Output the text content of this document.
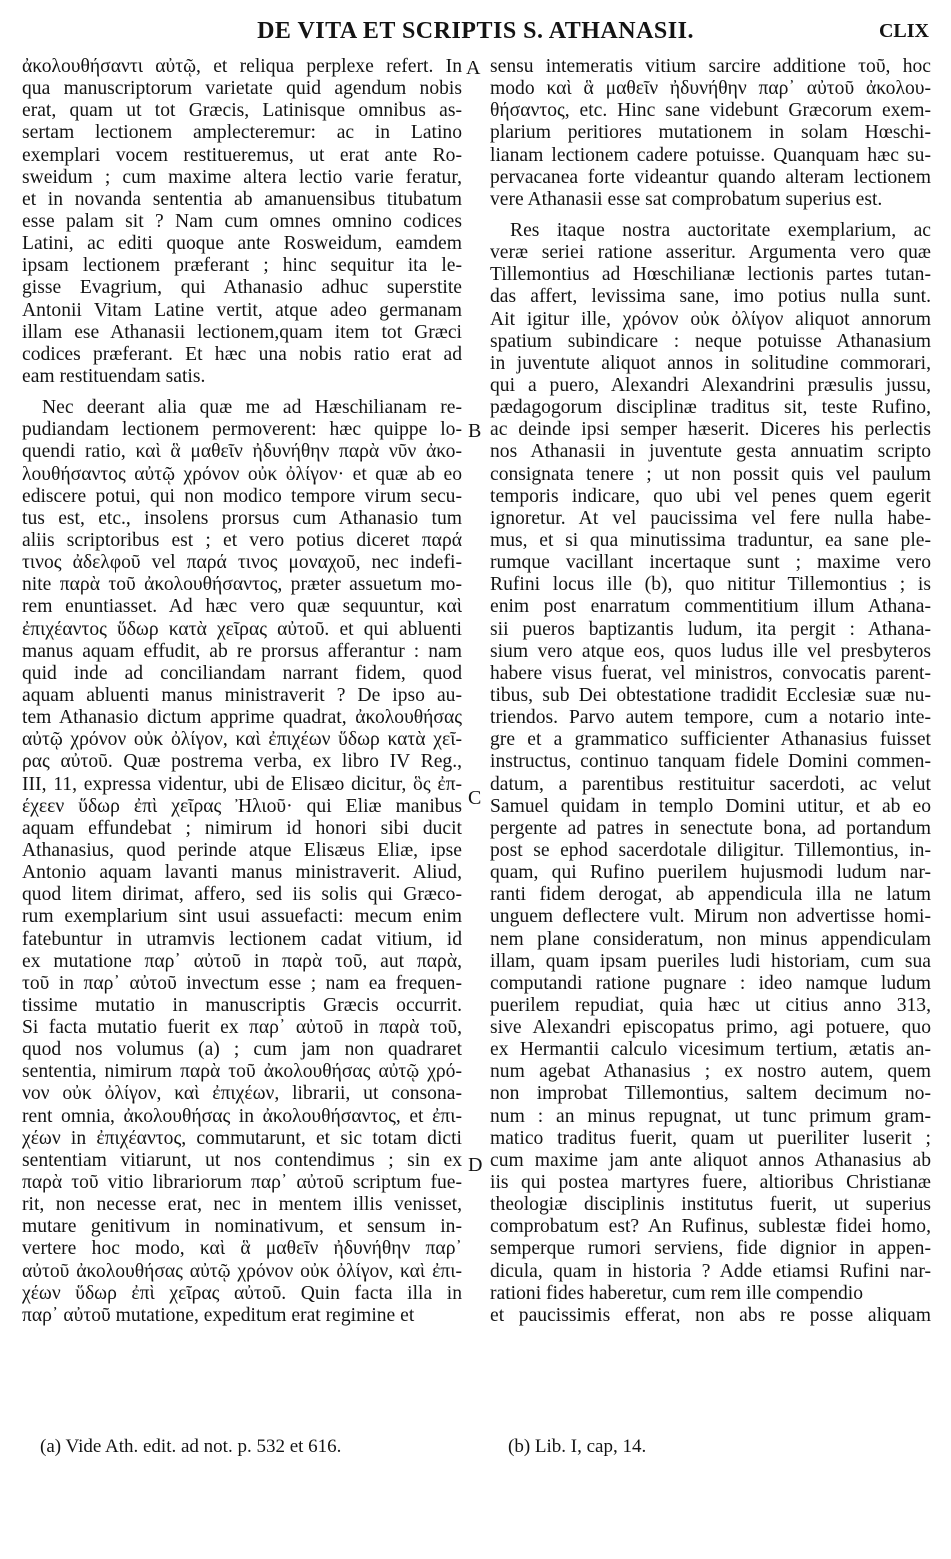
DE VITA ET SCRIPTIS S. ATHANASII.	CLIX
ἀκολουθήσαντι αὐτῷ, et reliqua perplexe refert. In
qua manuscriptorum varietate quid agendum nobis
erat, quam ut tot Græcis, Latinisque omnibus as-
sertam lectionem amplecteremur: ac in Latino
exemplari vocem restitueremus, ut erat ante Ro-
sweidum ; cum maxime altera lectio varie feratur,
et in novanda sententia ab amanuensibus titubatum
esse palam sit ? Nam cum omnes omnino codices
Latini, ac editi quoque ante Rosweidum, eamdem
ipsam lectionem præferant ; hinc sequitur ita le-
gisse Evagrium, qui Athanasio adhuc superstite
Antonii Vitam Latine vertit, atque adeo germanam
illam ese Athanasii lectionem,quam item tot Græci
codices præferant. Et hæc una nobis ratio erat ad
eam restituendam satis.
Nec deerant alia quæ me ad Hæschilianam re-
pudiandam lectionem permoverent: hæc quippe lo-
quendi ratio, καὶ ἃ μαθεῖν ἠδυνήθην παρὰ νῦν ἀκο-
λουθήσαντος αὐτῷ χρόνον οὐκ ὀλίγον· et quæ ab eo
ediscere potui, qui non modico tempore virum secu-
tus est, etc., insolens prorsus cum Athanasio tum
aliis scriptoribus est ; et vero potius diceret παρά
τινος ἀδελφοῦ vel παρά τινος μοναχοῦ, nec indefi-
nite παρὰ τοῦ ἀκολουθήσαντος, præter assuetum mo-
rem enuntiasset. Ad hæc vero quæ sequuntur, καὶ
ἐπιχέαντος ὕδωρ κατὰ χεῖρας αὐτοῦ. et qui abluenti
manus aquam effudit, ab re prorsus afferantur : nam
quid inde ad conciliandam narrant fidem, quod
aquam abluenti manus ministraverit ? De ipso au-
tem Athanasio dictum apprime quadrat, ἀκολουθήσας
αὐτῷ χρόνον οὐκ ὀλίγον, καὶ ἐπιχέων ὕδωρ κατὰ χεῖ-
ρας αὐτοῦ. Quæ postrema verba, ex libro IV Reg.,
III, 11, expressa videntur, ubi de Elisæo dicitur, ὃς ἐπ-
έχεεν ὕδωρ ἐπὶ χεῖρας Ἠλιοῦ· qui Eliæ manibus
aquam effundebat ; nimirum id honori sibi ducit
Athanasius, quod perinde atque Elisæus Eliæ, ipse
Antonio aquam lavanti manus ministraverit. Aliud,
quod litem dirimat, affero, sed iis solis qui Græco-
rum exemplarium sint usui assuefacti: mecum enim
fatebuntur in utramvis lectionem cadat vitium, id
ex mutatione παρ᾽ αὐτοῦ in παρὰ τοῦ, aut παρὰ,
τοῦ in παρ᾽ αὐτοῦ invectum esse ; nam ea frequen-
tissime mutatio in manuscriptis Græcis occurrit.
Si facta mutatio fuerit ex παρ᾽ αὐτοῦ in παρὰ τοῦ,
quod nos volumus (a) ; cum jam non quadraret
sententia, nimirum παρὰ τοῦ ἀκολουθήσας αὐτῷ χρό-
νον οὐκ ὀλίγον, καὶ ἐπιχέων, librarii, ut consona-
rent omnia, ἀκολουθήσας in ἀκολουθήσαντος, et ἐπι-
χέων in ἐπιχέαντος, commutarunt, et sic totam dicti
sententiam vitiarunt, ut nos contendimus ; sin ex
παρὰ τοῦ vitio librariorum παρ᾽ αὐτοῦ scriptum fue-
rit, non necesse erat, nec in mentem illis venisset,
mutare genitivum in nominativum, et sensum in-
vertere hoc modo, καὶ ἃ μαθεῖν ἠδυνήθην παρ᾽
αὐτοῦ ἀκολουθήσας αὐτῷ χρόνον οὐκ ὀλίγον, καὶ ἐπι-
χέων ὕδωρ ἐπὶ χεῖρας αὐτοῦ. Quin facta illa in
παρ᾽ αὐτοῦ mutatione, expeditum erat regimine et
sensu intemeratis vitium sarcire additione τοῦ, hoc
modo καὶ ἃ μαθεῖν ἠδυνήθην παρ᾽ αὐτοῦ ἀκολου-
θήσαντος, etc. Hinc sane videbunt Græcorum exem-
plarium peritiores mutationem in solam Hœschi-
lianam lectionem cadere potuisse. Quanquam hæc su-
pervacanea forte videantur quando alteram lectionem
vere Athanasii esse sat comprobatum superius est.
Res itaque nostra auctoritate exemplarium, ac
veræ seriei ratione asseritur. Argumenta vero quæ
Tillemontius ad Hœschilianæ lectionis partes tutan-
das affert, levissima sane, imo potius nulla sunt.
Ait igitur ille, χρόνον οὐκ ὀλίγον aliquot annorum
spatium subindicare : neque potuisse Athanasium
in juventute aliquot annos in solitudine commorari,
qui a puero, Alexandri Alexandrini præsulis jussu,
pædagogorum disciplinæ traditus sit, teste Rufino,
ac deinde ipsi semper hæserit. Diceres his perlectis
nos Athanasii in juventute gesta annuatim scripto
consignata tenere ; ut non possit quis vel paulum
temporis indicare, quo ubi vel penes quem egerit
ignoretur. At vel paucissima vel fere nulla habe-
mus, et si qua minutissima traduntur, ea sane ple-
rumque vacillant incertaque sunt ; maxime vero
Rufini locus ille (b), quo nititur Tillemontius ; is
enim post enarratum commentitium illum Athana-
sii pueros baptizantis ludum, ita pergit : Athana-
sium vero atque eos, quos ludus ille vel presbyteros
habere visus fuerat, vel ministros, convocatis parent-
tibus, sub Dei obtestatione tradidit Ecclesiæ suæ nu-
triendos. Parvo autem tempore, cum a notario inte-
gre et a grammatico sufficienter Athanasius fuisset
instructus, continuo tanquam fidele Domini commen-
datum, a parentibus restituitur sacerdoti, ac velut
Samuel quidam in templo Domini utitur, et ab eo
pergente ad patres in senectute bona, ad portandum
post se ephod sacerdotale diligitur. Tillemontius, in-
quam, qui Rufino puerilem hujusmodi ludum nar-
ranti fidem derogat, ab appendicula illa ne latum
unguem deflectere vult. Mirum non advertisse homi-
nem plane consideratum, non minus appendiculam
illam, quam ipsam pueriles ludi historiam, cum sua
computandi ratione pugnare : ideo namque ludum
puerilem repudiat, quia hæc ut citius anno 313,
sive Alexandri episcopatus primo, agi potuere, quo
ex Hermantii calculo vicesimum tertium, ætatis an-
num agebat Athanasius ; ex nostro autem, quem
non improbat Tillemontius, saltem decimum no-
num : an minus repugnat, ut tunc primum gram-
matico traditus fuerit, quam ut pueriliter luserit ;
cum maxime jam ante aliquot annos Athanasius ab
iis qui postea martyres fuere, altioribus Christianæ
theologiæ disciplinis institutus fuerit, ut superius
comprobatum est? An Rufinus, sublestæ fidei homo,
semperque rumori serviens, fide dignior in appen-
dicula, quam in historia ? Adde etiamsi Rufini nar-
rationi fides haberetur, cum rem ille compendio
et paucissimis efferat, non abs re posse aliquam
A
B
C
D
(a) Vide Ath. edit. ad not. p. 532 et 616.	(b) Lib. I, cap, 14.
